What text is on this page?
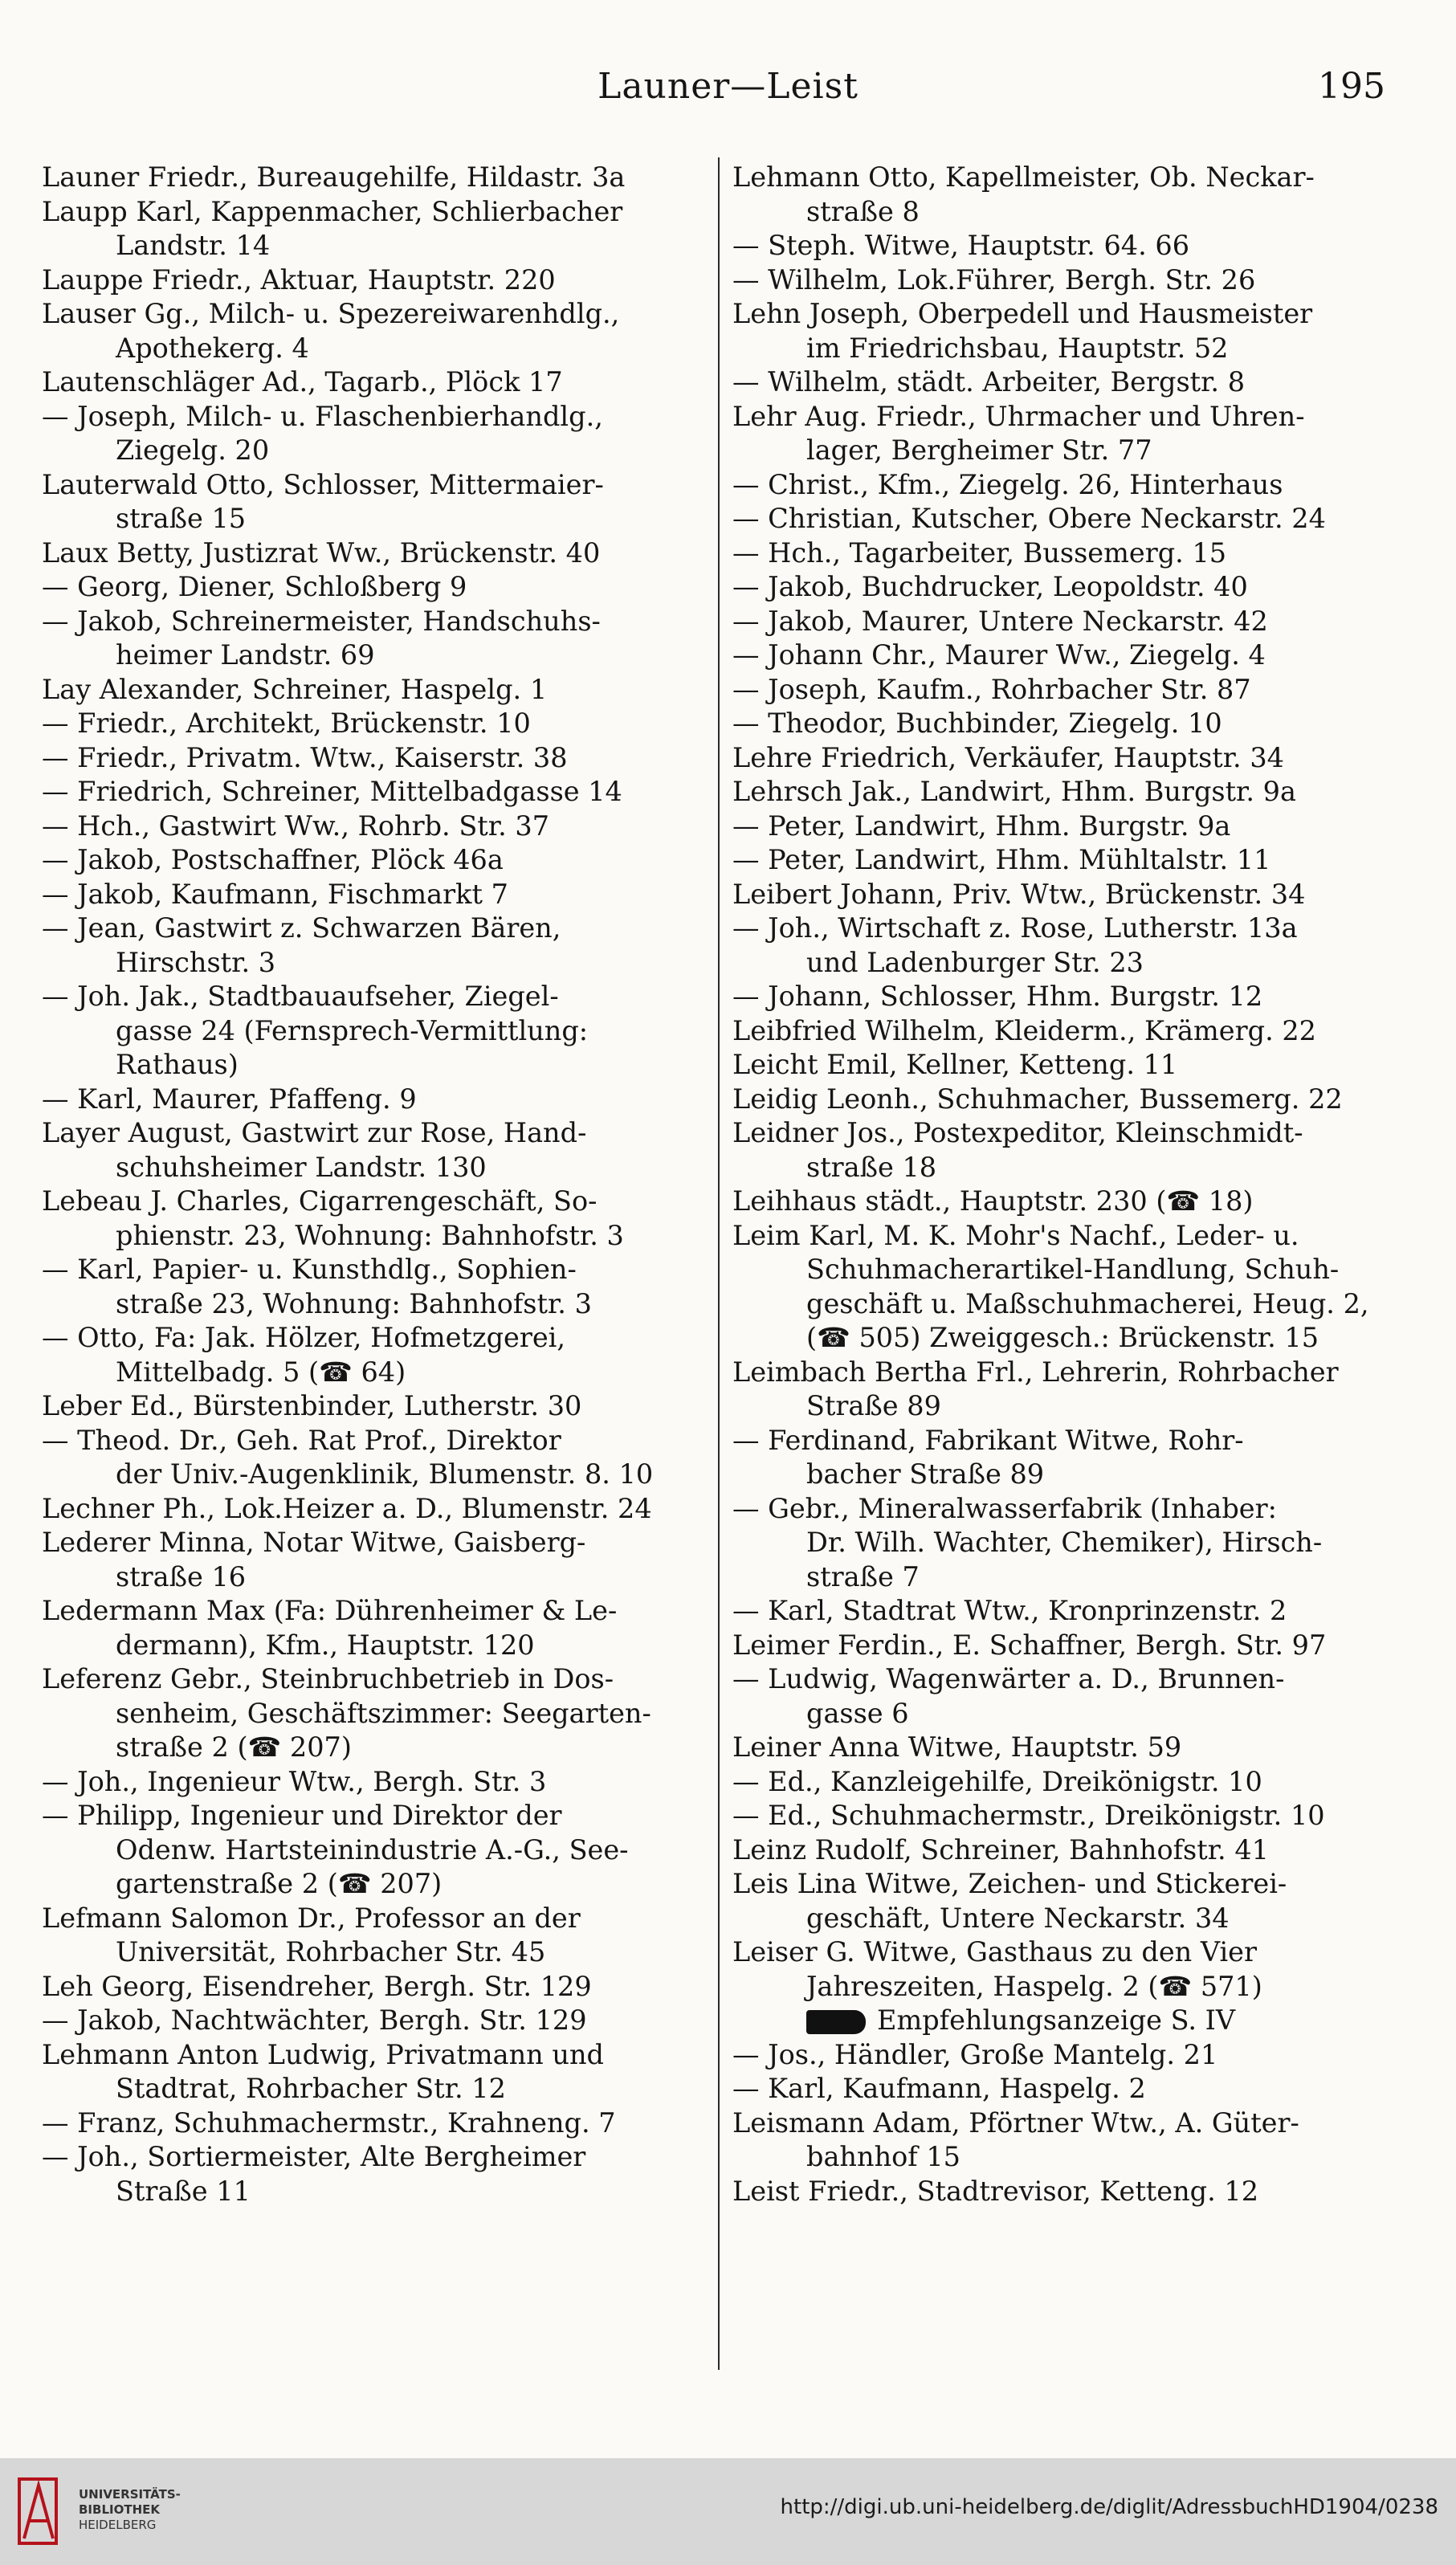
Launer—Leist	195
Launer Friedr., Bureaugehilfe, Hildastr. 3a
Laupp Karl, Kappenmacher, Schlierbacher
Landstr. 14
Lauppe Friedr., Aktuar, Hauptstr. 220
Lauser Gg., Milch- u. Spezereiwarenhdlg.,
Apothekerg. 4
Lautenschläger Ad., Tagarb., Plöck 17
— Joseph, Milch- u. Flaschenbierhandlg.,
Ziegelg. 20
Lauterwald Otto, Schlosser, Mittermaier-
straße 15
Laux Betty, Justizrat Ww., Brückenstr. 40
— Georg, Diener, Schloßberg 9
— Jakob, Schreinermeister, Handschuhs-
heimer Landstr. 69
Lay Alexander, Schreiner, Haspelg. 1
— Friedr., Architekt, Brückenstr. 10
— Friedr., Privatm. Wtw., Kaiserstr. 38
— Friedrich, Schreiner, Mittelbadgasse 14
— Hch., Gastwirt Ww., Rohrb. Str. 37
— Jakob, Postschaffner, Plöck 46a
— Jakob, Kaufmann, Fischmarkt 7
— Jean, Gastwirt z. Schwarzen Bären,
Hirschstr. 3
— Joh. Jak., Stadtbauaufseher, Ziegel-
gasse 24 (Fernsprech-Vermittlung:
Rathaus)
— Karl, Maurer, Pfaffeng. 9
Layer August, Gastwirt zur Rose, Hand-
schuhsheimer Landstr. 130
Lebeau J. Charles, Cigarrengeschäft, So-
phienstr. 23, Wohnung: Bahnhofstr. 3
— Karl, Papier- u. Kunsthdlg., Sophien-
straße 23, Wohnung: Bahnhofstr. 3
— Otto, Fa: Jak. Hölzer, Hofmetzgerei,
Mittelbadg. 5 (☎ 64)
Leber Ed., Bürstenbinder, Lutherstr. 30
— Theod. Dr., Geh. Rat Prof., Direktor
der Univ.-Augenklinik, Blumenstr. 8. 10
Lechner Ph., Lok.Heizer a. D., Blumenstr. 24
Lederer Minna, Notar Witwe, Gaisberg-
straße 16
Ledermann Max (Fa: Dührenheimer & Le-
dermann), Kfm., Hauptstr. 120
Leferenz Gebr., Steinbruchbetrieb in Dos-
senheim, Geschäftszimmer: Seegarten-
straße 2 (☎ 207)
— Joh., Ingenieur Wtw., Bergh. Str. 3
— Philipp, Ingenieur und Direktor der
Odenw. Hartsteinindustrie A.-G., See-
gartenstraße 2 (☎ 207)
Lefmann Salomon Dr., Professor an der
Universität, Rohrbacher Str. 45
Leh Georg, Eisendreher, Bergh. Str. 129
— Jakob, Nachtwächter, Bergh. Str. 129
Lehmann Anton Ludwig, Privatmann und
Stadtrat, Rohrbacher Str. 12
— Franz, Schuhmachermstr., Krahneng. 7
— Joh., Sortiermeister, Alte Bergheimer
Straße 11
Lehmann Otto, Kapellmeister, Ob. Neckar-
straße 8
— Steph. Witwe, Hauptstr. 64. 66
— Wilhelm, Lok.Führer, Bergh. Str. 26
Lehn Joseph, Oberpedell und Hausmeister
im Friedrichsbau, Hauptstr. 52
— Wilhelm, städt. Arbeiter, Bergstr. 8
Lehr Aug. Friedr., Uhrmacher und Uhren-
lager, Bergheimer Str. 77
— Christ., Kfm., Ziegelg. 26, Hinterhaus
— Christian, Kutscher, Obere Neckarstr. 24
— Hch., Tagarbeiter, Bussemerg. 15
— Jakob, Buchdrucker, Leopoldstr. 40
— Jakob, Maurer, Untere Neckarstr. 42
— Johann Chr., Maurer Ww., Ziegelg. 4
— Joseph, Kaufm., Rohrbacher Str. 87
— Theodor, Buchbinder, Ziegelg. 10
Lehre Friedrich, Verkäufer, Hauptstr. 34
Lehrsch Jak., Landwirt, Hhm. Burgstr. 9a
— Peter, Landwirt, Hhm. Burgstr. 9a
— Peter, Landwirt, Hhm. Mühltalstr. 11
Leibert Johann, Priv. Wtw., Brückenstr. 34
— Joh., Wirtschaft z. Rose, Lutherstr. 13a
und Ladenburger Str. 23
— Johann, Schlosser, Hhm. Burgstr. 12
Leibfried Wilhelm, Kleiderm., Krämerg. 22
Leicht Emil, Kellner, Ketteng. 11
Leidig Leonh., Schuhmacher, Bussemerg. 22
Leidner Jos., Postexpeditor, Kleinschmidt-
straße 18
Leihhaus städt., Hauptstr. 230 (☎ 18)
Leim Karl, M. K. Mohr's Nachf., Leder- u.
Schuhmacherartikel-Handlung, Schuh-
geschäft u. Maßschuhmacherei, Heug. 2,
(☎ 505) Zweiggesch.: Brückenstr. 15
Leimbach Bertha Frl., Lehrerin, Rohrbacher
Straße 89
— Ferdinand, Fabrikant Witwe, Rohr-
bacher Straße 89
— Gebr., Mineralwasserfabrik (Inhaber:
Dr. Wilh. Wachter, Chemiker), Hirsch-
straße 7
— Karl, Stadtrat Wtw., Kronprinzenstr. 2
Leimer Ferdin., E. Schaffner, Bergh. Str. 97
— Ludwig, Wagenwärter a. D., Brunnen-
gasse 6
Leiner Anna Witwe, Hauptstr. 59
— Ed., Kanzleigehilfe, Dreikönigstr. 10
— Ed., Schuhmachermstr., Dreikönigstr. 10
Leinz Rudolf, Schreiner, Bahnhofstr. 41
Leis Lina Witwe, Zeichen- und Stickerei-
geschäft, Untere Neckarstr. 34
Leiser G. Witwe, Gasthaus zu den Vier
Jahreszeiten, Haspelg. 2 (☎ 571)
Empfehlungsanzeige S. IV
— Jos., Händler, Große Mantelg. 21
— Karl, Kaufmann, Haspelg. 2
Leismann Adam, Pförtner Wtw., A. Güter-
bahnhof 15
Leist Friedr., Stadtrevisor, Ketteng. 12
UNIVERSITÄTS-
BIBLIOTHEK
HEIDELBERG
http://digi.ub.uni-heidelberg.de/diglit/AdressbuchHD1904/0238
